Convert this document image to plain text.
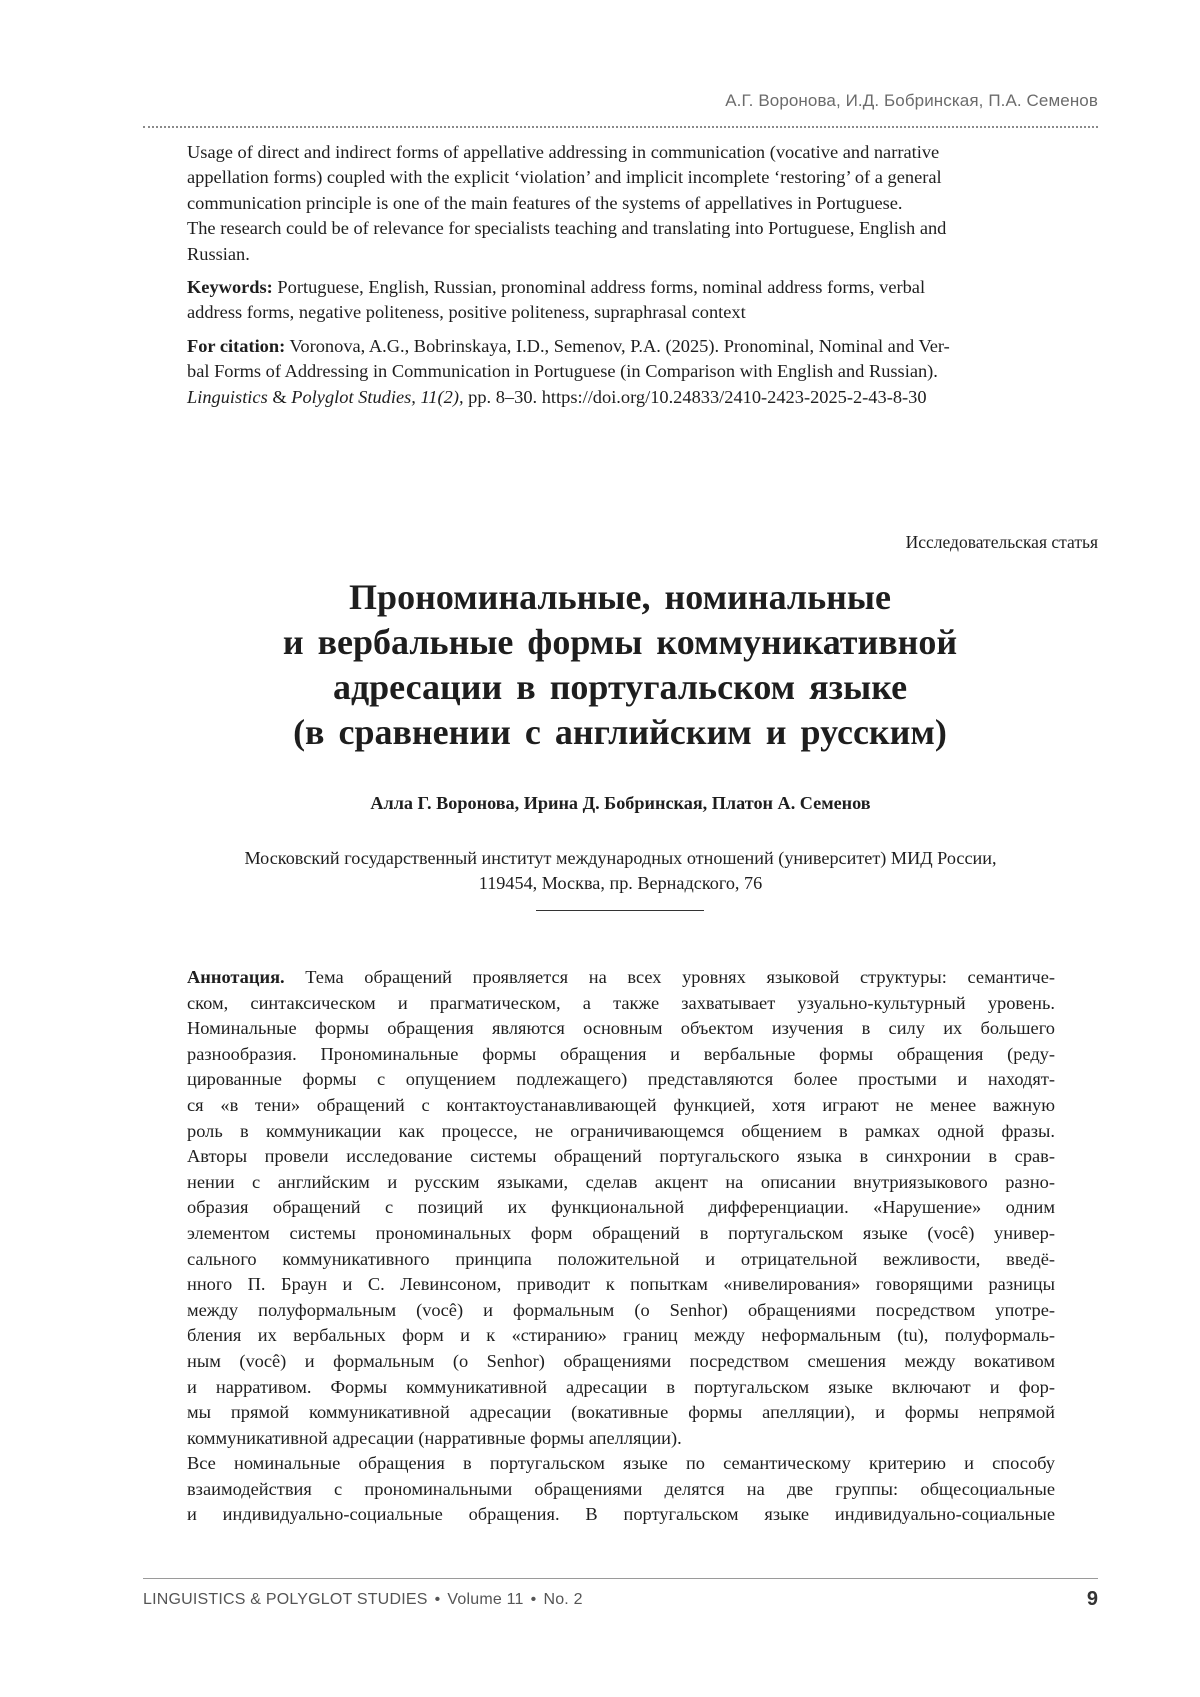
А.Г. Воронова, И.Д. Бобринская, П.А. Семенов

Usage of direct and indirect forms of appellative addressing in communication (vocative and narrative
appellation forms) coupled with the explicit ‘violation’ and implicit incomplete ‘restoring’ of a general
communication principle is one of the main features of the systems of appellatives in Portuguese.
The research could be of relevance for specialists teaching and translating into Portuguese, English and
Russian.

Keywords: Portuguese, English, Russian, pronominal address forms, nominal address forms, verbal
address forms, negative politeness, positive politeness, supraphrasal context

For citation: Voronova, A.G., Bobrinskaya, I.D., Semenov, P.A. (2025). Pronominal, Nominal and Ver-
bal Forms of Addressing in Communication in Portuguese (in Comparison with English and Russian).
Linguistics & Polyglot Studies, 11(2), pp. 8–30. https://doi.org/10.24833/2410-2423-2025-2-43-8-30

Исследовательская статья
Прономинальные, номинальные
и вербальные формы коммуникативной
адресации в португальском языке
(в сравнении с английским и русским)
Алла Г. Воронова, Ирина Д. Бобринская, Платон А. Семенов
Московский государственный институт международных отношений (университет) МИД России,
119454, Москва, пр. Вернадского, 76
Аннотация. Тема обращений проявляется на всех уровнях языковой структуры: семантиче-
ском, синтаксическом и прагматическом, а также захватывает узуально-культурный уровень.
Номинальные формы обращения являются основным объектом изучения в силу их большего
разнообразия. Прономинальные формы обращения и вербальные формы обращения (реду-
цированные формы с опущением подлежащего) представляются более простыми и находят-
ся «в тени» обращений с контактоустанавливающей функцией, хотя играют не менее важную
роль в коммуникации как процессе, не ограничивающемся общением в рамках одной фразы.
Авторы провели исследование системы обращений португальского языка в синхронии в срав-
нении с английским и русским языками, сделав акцент на описании внутриязыкового разно-
образия обращений с позиций их функциональной дифференциации. «Нарушение» одним
элементом системы прономинальных форм обращений в португальском языке (você) универ-
сального коммуникативного принципа положительной и отрицательной вежливости, введё-
нного П. Браун и С. Левинсоном, приводит к попыткам «нивелирования» говорящими разницы
между полуформальным (você) и формальным (o Senhor) обращениями посредством употре-
бления их вербальных форм и к «стиранию» границ между неформальным (tu), полуформаль-
ным (você) и формальным (o Senhor) обращениями посредством смешения между вокативом
и нарративом. Формы коммуникативной адресации в португальском языке включают и фор-
мы прямой коммуникативной адресации (вокативные формы апелляции), и формы непрямой
коммуникативной адресации (нарративные формы апелляции).
Все номинальные обращения в португальском языке по семантическому критерию и способу
взаимодействия с прономинальными обращениями делятся на две группы: общесоциальные
и индивидуально-социальные обращения. В португальском языке индивидуально-социальные
LINGUISTICS & POLYGLOT STUDIES • Volume 11 • No. 2	9
